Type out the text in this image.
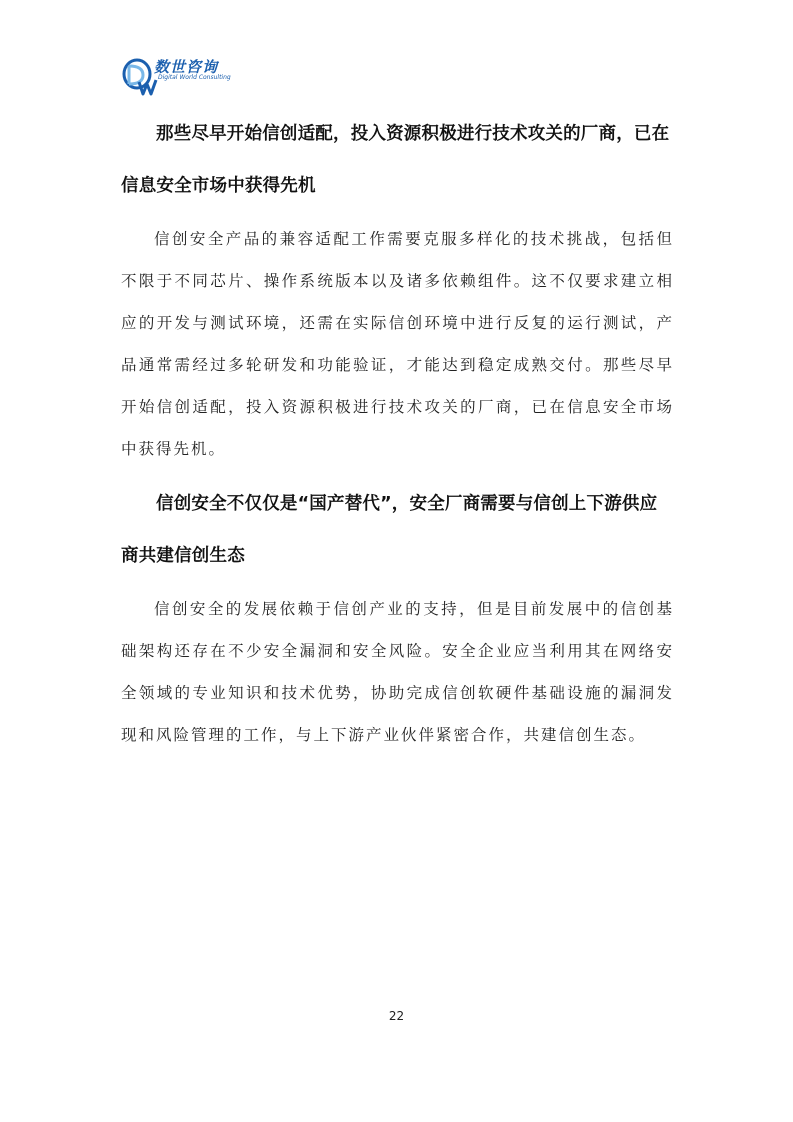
数世咨询
Digital World Consulting

那些尽早开始信创适配，投入资源积极进行技术攻关的厂商，已在信息安全市场中获得先机

信创安全产品的兼容适配工作需要克服多样化的技术挑战，包括但不限于不同芯片、操作系统版本以及诸多依赖组件。这不仅要求建立相应的开发与测试环境，还需在实际信创环境中进行反复的运行测试，产品通常需经过多轮研发和功能验证，才能达到稳定成熟交付。那些尽早开始信创适配，投入资源积极进行技术攻关的厂商，已在信息安全市场中获得先机。

信创安全不仅仅是“国产替代”，安全厂商需要与信创上下游供应商共建信创生态

信创安全的发展依赖于信创产业的支持，但是目前发展中的信创基础架构还存在不少安全漏洞和安全风险。安全企业应当利用其在网络安全领域的专业知识和技术优势，协助完成信创软硬件基础设施的漏洞发现和风险管理的工作，与上下游产业伙伴紧密合作，共建信创生态。

22
